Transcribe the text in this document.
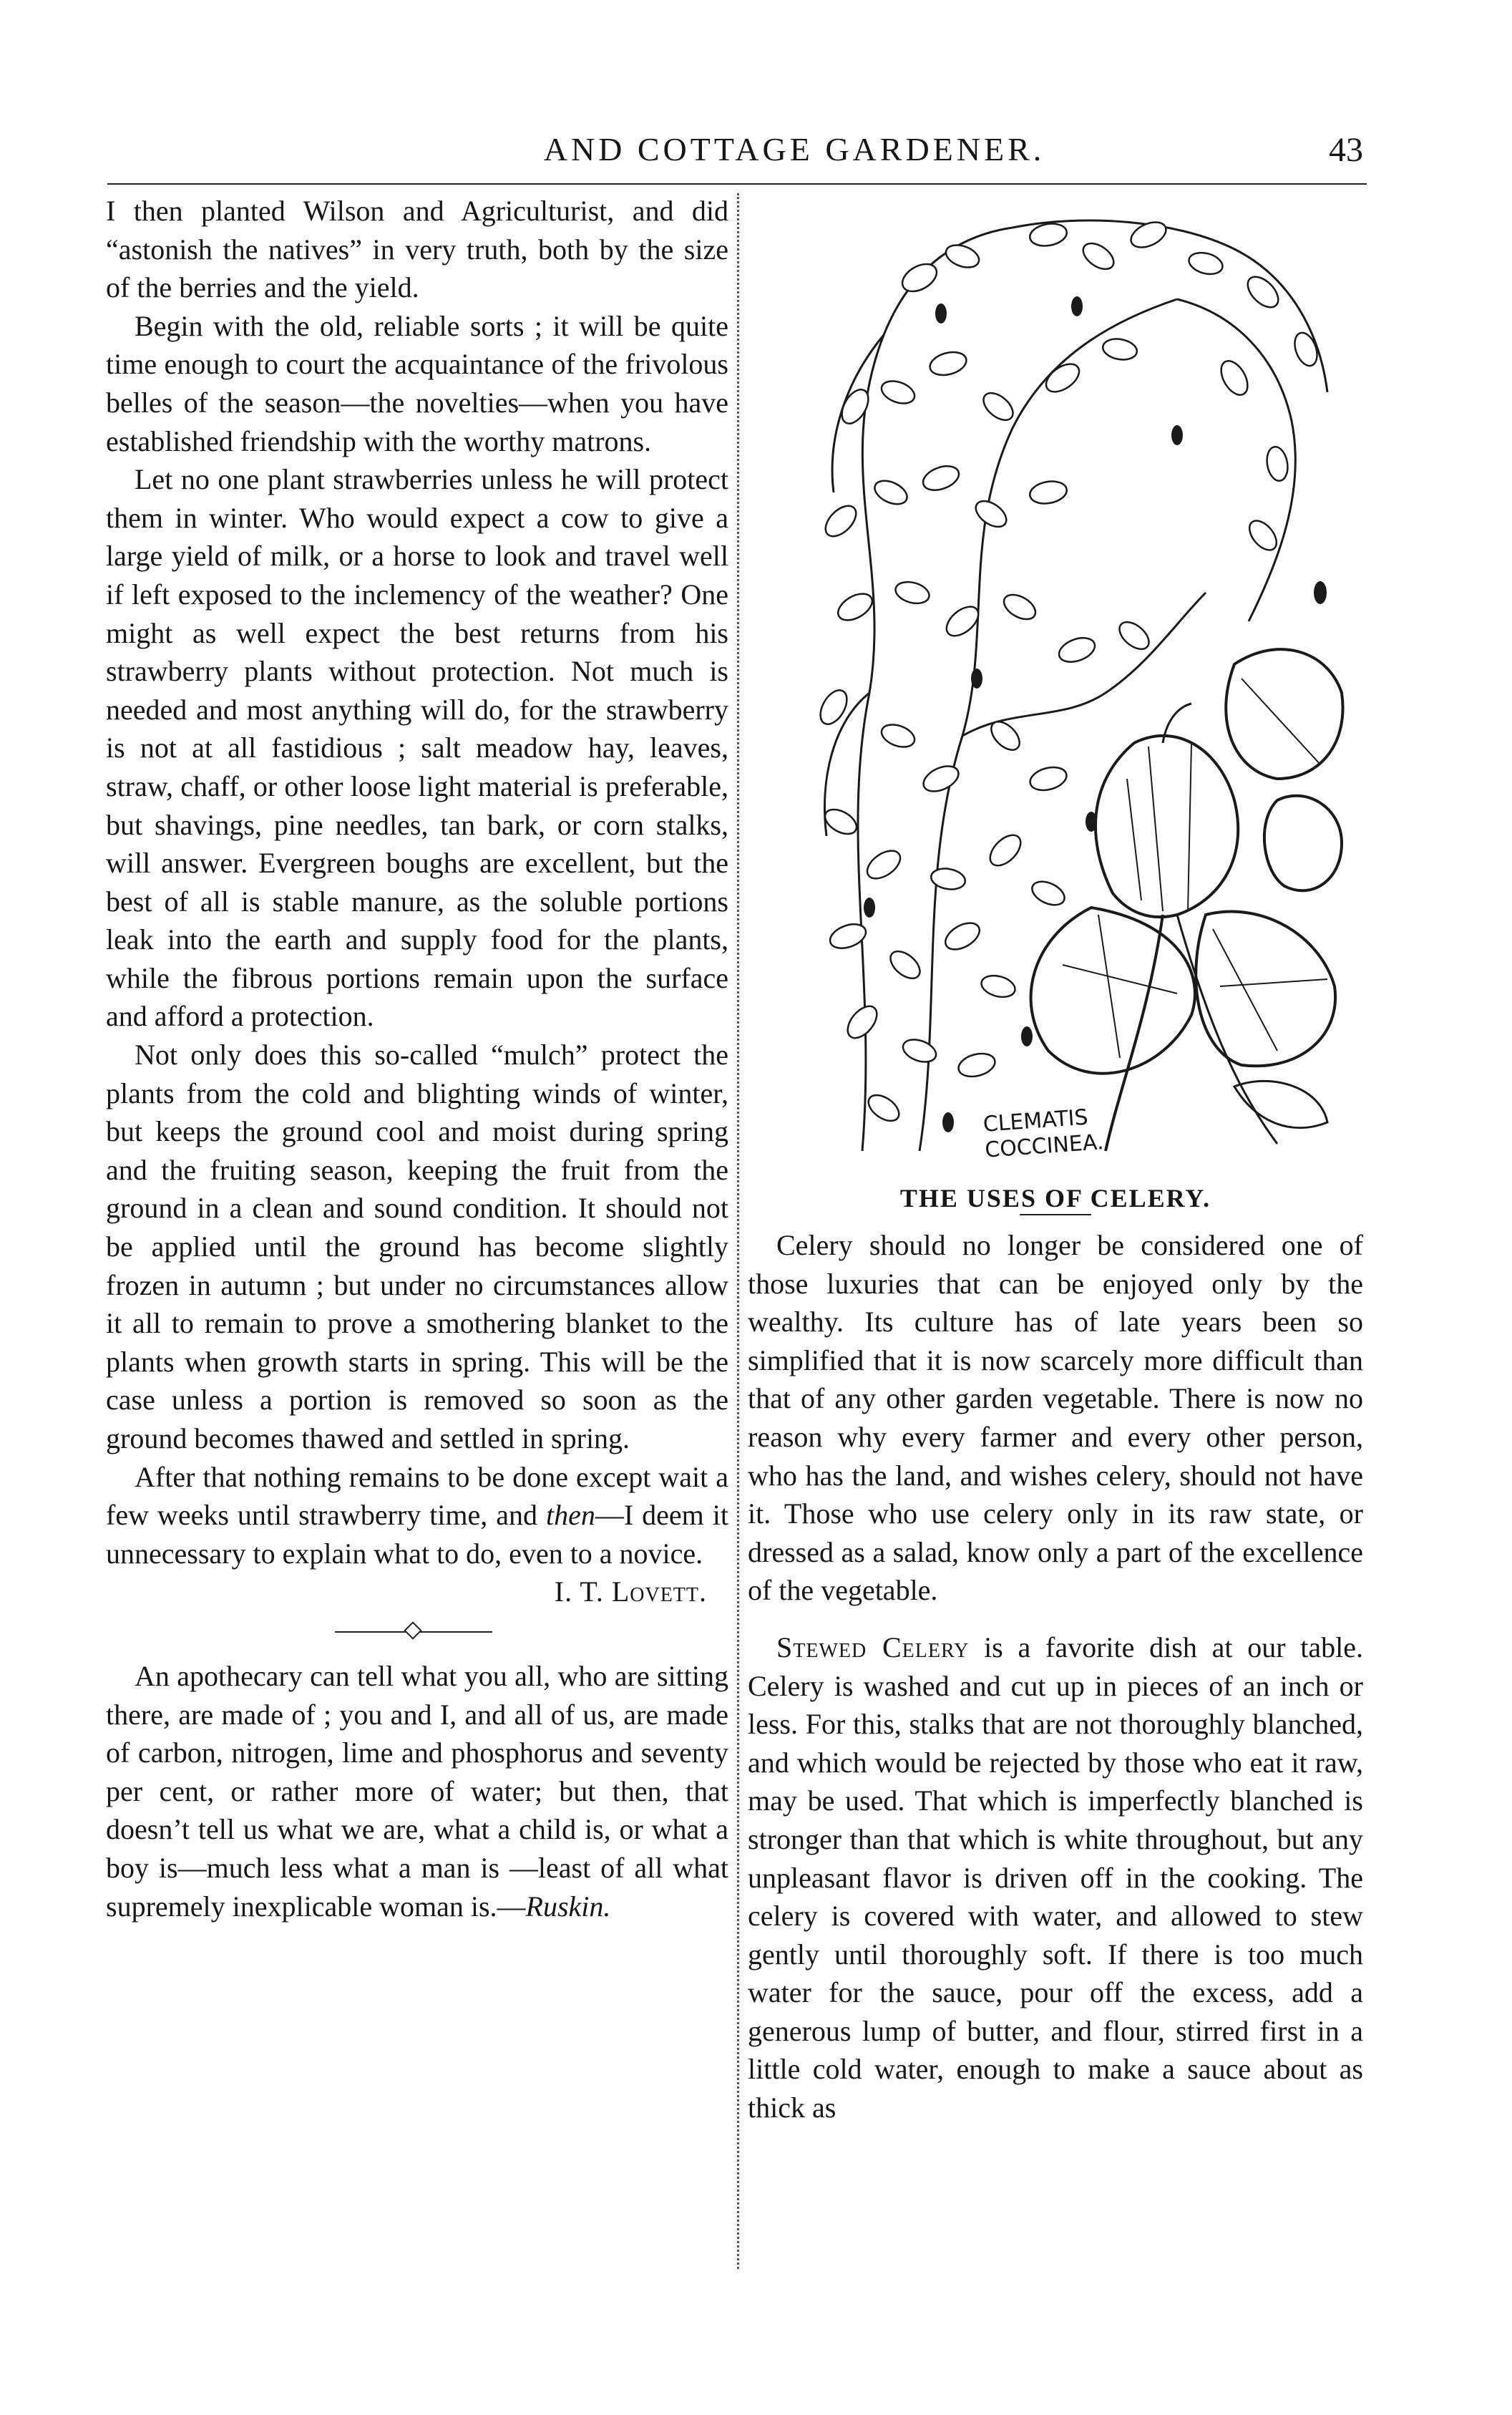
AND COTTAGE GARDENER.	43

I then planted Wilson and Agriculturist, and did “astonish the natives” in very truth, both by the size of the berries and the yield.

Begin with the old, reliable sorts ; it will be quite time enough to court the acquaintance of the frivolous belles of the season—the novelties—when you have established friendship with the worthy matrons.

Let no one plant strawberries unless he will protect them in winter. Who would expect a cow to give a large yield of milk, or a horse to look and travel well if left exposed to the inclemency of the weather? One might as well expect the best returns from his strawberry plants without protection. Not much is needed and most anything will do, for the strawberry is not at all fastidious ; salt meadow hay, leaves, straw, chaff, or other loose light material is preferable, but shavings, pine needles, tan bark, or corn stalks, will answer. Evergreen boughs are excellent, but the best of all is stable manure, as the soluble portions leak into the earth and supply food for the plants, while the fibrous portions remain upon the surface and afford a protection.

Not only does this so-called “mulch” protect the plants from the cold and blighting winds of winter, but keeps the ground cool and moist during spring and the fruiting season, keeping the fruit from the ground in a clean and sound condition. It should not be applied until the ground has become slightly frozen in autumn ; but under no circumstances allow it all to remain to prove a smothering blanket to the plants when growth starts in spring. This will be the case unless a portion is removed so soon as the ground becomes thawed and settled in spring.

After that nothing remains to be done except wait a few weeks until strawberry time, and then—I deem it unnecessary to explain what to do, even to a novice.

I. T. Lovett.

An apothecary can tell what you all, who are sitting there, are made of ; you and I, and all of us, are made of carbon, nitrogen, lime and phosphorus and seventy per cent, or rather more of water; but then, that doesn’t tell us what we are, what a child is, or what a boy is—much less what a man is —least of all what supremely inexplicable woman is.—Ruskin.

CLEMATIS
COCCINEA.
THE USES OF CELERY.

Celery should no longer be considered one of those luxuries that can be enjoyed only by the wealthy. Its culture has of late years been so simplified that it is now scarcely more difficult than that of any other garden vegetable. There is now no reason why every farmer and every other person, who has the land, and wishes celery, should not have it. Those who use celery only in its raw state, or dressed as a salad, know only a part of the excellence of the vegetable.

Stewed Celery is a favorite dish at our table. Celery is washed and cut up in pieces of an inch or less. For this, stalks that are not thoroughly blanched, and which would be rejected by those who eat it raw, may be used. That which is imperfectly blanched is stronger than that which is white throughout, but any unpleasant flavor is driven off in the cooking. The celery is covered with water, and allowed to stew gently until thoroughly soft. If there is too much water for the sauce, pour off the excess, add a generous lump of butter, and flour, stirred first in a little cold water, enough to make a sauce about as thick as
